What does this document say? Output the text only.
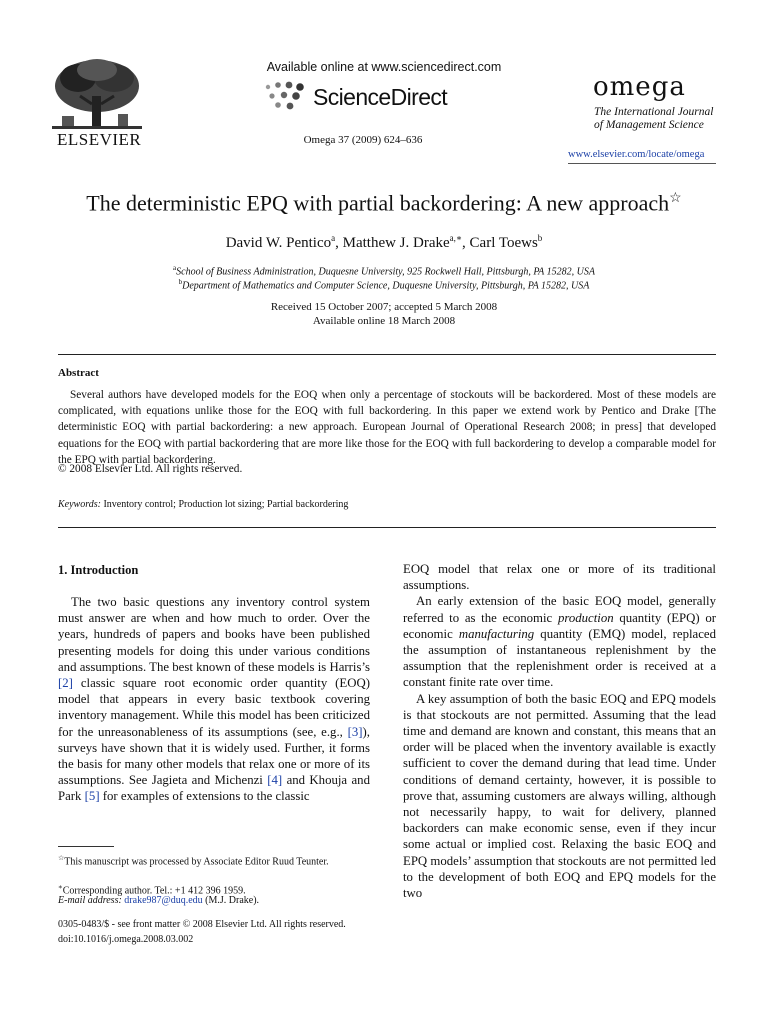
ELSEVIER
Available online at www.sciencedirect.com
ScienceDirect
Omega 37 (2009) 624–636
omega
The International Journal
of Management Science
www.elsevier.com/locate/omega
The deterministic EPQ with partial backordering: A new approach☆
David W. Pentico$^a$, Matthew J. Drake$^{a,∗}$, Carl Toews$^b$
$^a$School of Business Administration, Duquesne University, 925 Rockwell Hall, Pittsburgh, PA 15282, USA
$^b$Department of Mathematics and Computer Science, Duquesne University, Pittsburgh, PA 15282, USA
Received 15 October 2007; accepted 5 March 2008
Available online 18 March 2008
Abstract

Several authors have developed models for the EOQ when only a percentage of stockouts will be backordered. Most of these models are complicated, with equations unlike those for the EOQ with full backordering. In this paper we extend work by Pentico and Drake [The deterministic EOQ with partial backordering: a new approach. European Journal of Operational Research 2008; in press] that developed equations for the EOQ with partial backordering that are more like those for the EOQ with full backordering to develop a comparable model for the EPQ with partial backordering.

© 2008 Elsevier Ltd. All rights reserved.
Keywords: Inventory control; Production lot sizing; Partial backordering
1. Introduction

The two basic questions any inventory control system must answer are when and how much to order. Over the years, hundreds of papers and books have been published presenting models for doing this under various conditions and assumptions. The best known of these models is Harris’s [2] classic square root economic order quantity (EOQ) model that appears in every basic textbook covering inventory management. While this model has been criticized for the unreasonableness of its assumptions (see, e.g., [3]), surveys have shown that it is widely used. Further, it forms the basis for many other models that relax one or more of its assumptions. See Jagieta and Michenzi [4] and Khouja and Park [5] for examples of extensions to the classic

EOQ model that relax one or more of its traditional assumptions.

An early extension of the basic EOQ model, generally referred to as the economic production quantity (EPQ) or economic manufacturing quantity (EMQ) model, replaced the assumption of instantaneous replenishment by the assumption that the replenishment order is received at a constant finite rate over time.

A key assumption of both the basic EOQ and EPQ models is that stockouts are not permitted. Assuming that the lead time and demand are known and constant, this means that an order will be placed when the inventory available is exactly sufficient to cover the demand during that lead time. Under conditions of demand certainty, however, it is possible to prove that, assuming customers are always willing, although not necessarily happy, to wait for delivery, planned backorders can make economic sense, even if they incur some actual or implied cost. Relaxing the basic EOQ and EPQ models’ assumption that stockouts are not permitted led to the development of both EOQ and EPQ models for the two

☆This manuscript was processed by Associate Editor Ruud Teunter.
∗Corresponding author. Tel.: +1 412 396 1959.
E-mail address: drake987@duq.edu (M.J. Drake).
0305-0483/$ - see front matter © 2008 Elsevier Ltd. All rights reserved.
doi:10.1016/j.omega.2008.03.002
